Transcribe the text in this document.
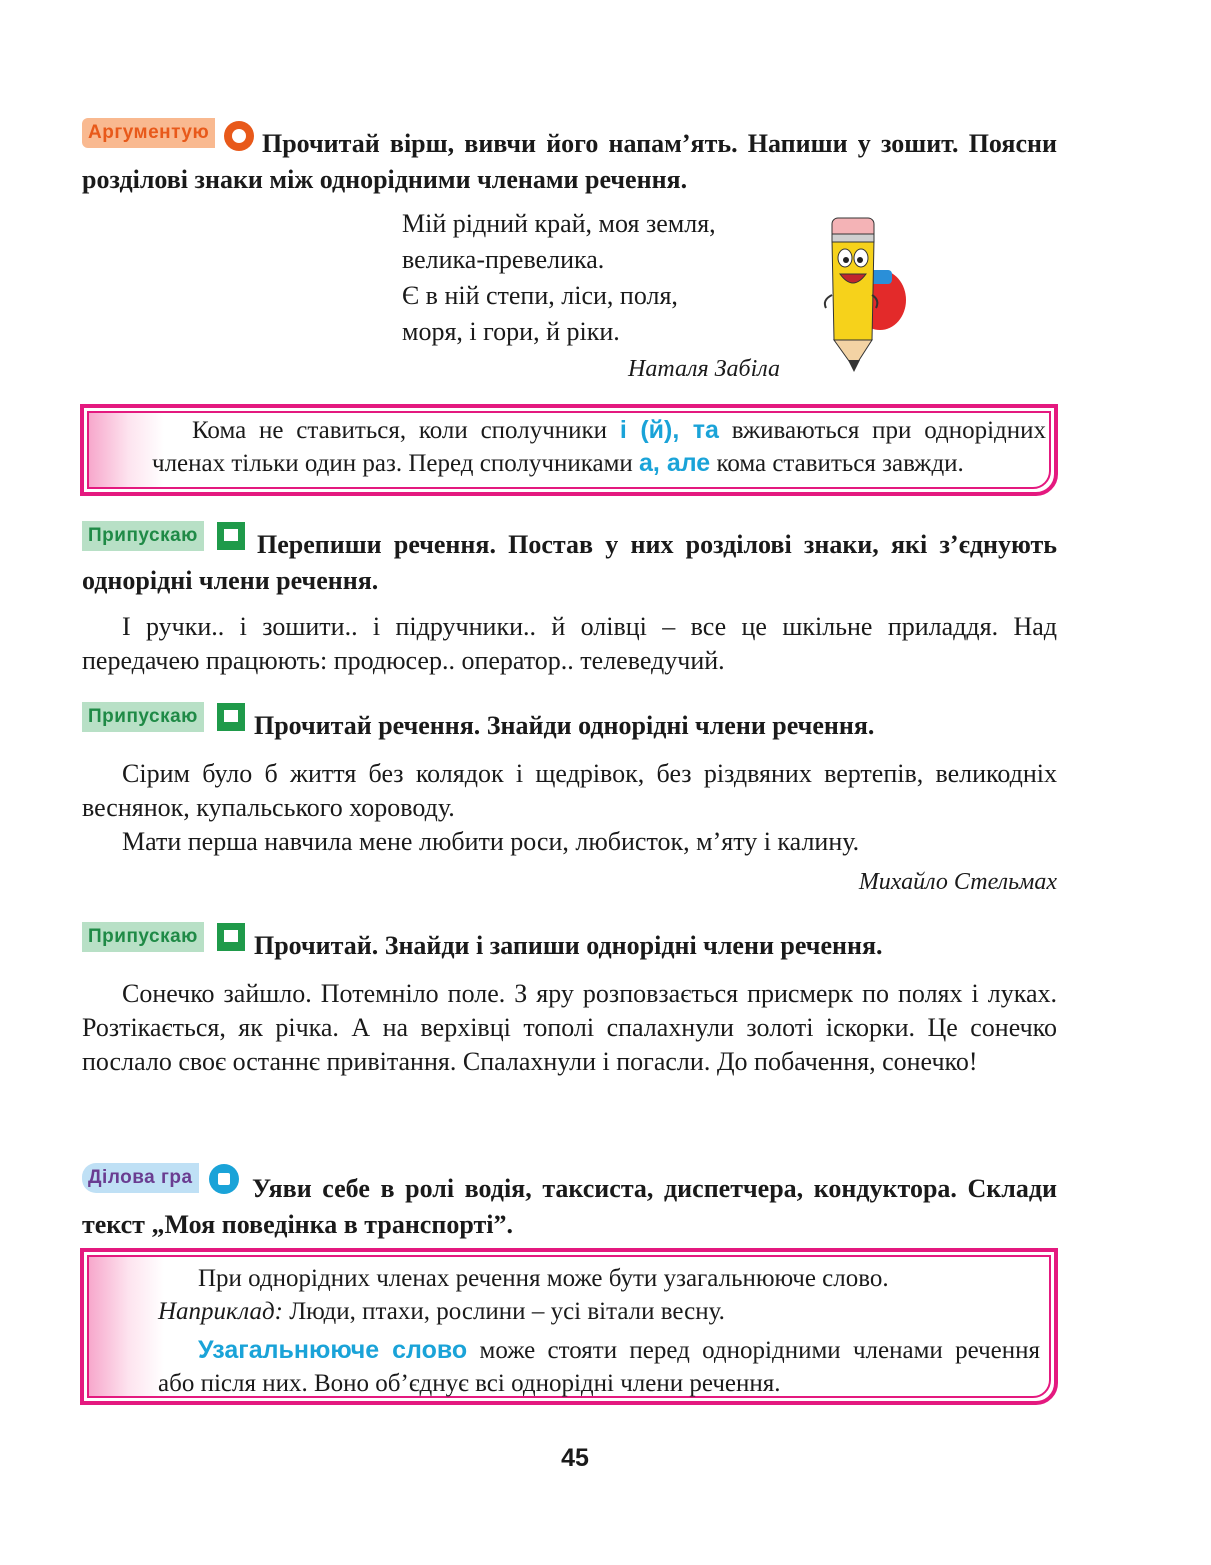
Аргументую	Прочитай вірш, вивчи його напам’ять. Напиши у зошит. Поясни розділові знаки між однорідними членами речення.
Мій рідний край, моя земля,
велика-превелика.
Є в ній степи, ліси, поля,
моря, і гори, й ріки.
Наталя Забіла
Кома не ставиться, коли сполучники і (й), та вживаються при однорідних членах тільки один раз. Перед сполучниками а, але кома ставиться завжди.
Припускаю	Перепиши речення. Постав у них розділові знаки, які з’єднують однорідні члени речення.
І ручки.. і зошити.. і підручники.. й олівці – все це шкільне приладдя. Над передачею працюють: продюсер.. оператор.. телеведучий.
Припускаю	Прочитай речення. Знайди однорідні члени речення.
Сірим було б життя без колядок і щедрівок, без різдвяних вертепів, великодніх веснянок, купальського хороводу.
Мати перша навчила мене любити роси, любисток, м’яту і калину.
Михайло Стельмах
Припускаю	Прочитай. Знайди і запиши однорідні члени речення.
Сонечко зайшло. Потемніло поле. З яру розповзається присмерк по полях і луках. Розтікається, як річка. А на верхівці тополі спалахнули золоті іскорки. Це сонечко послало своє останнє привітання. Спалахнули і погасли. До побачення, сонечко!
Ділова гра	Уяви себе в ролі водія, таксиста, диспетчера, кондуктора. Склади текст „Моя поведінка в транспорті”.
При однорідних членах речення може бути узагальнююче слово.
Наприклад: Люди, птахи, рослини – усі вітали весну.
Узагальнююче слово може стояти перед однорідними членами речення або після них. Воно об’єднує всі однорідні члени речення.
45
